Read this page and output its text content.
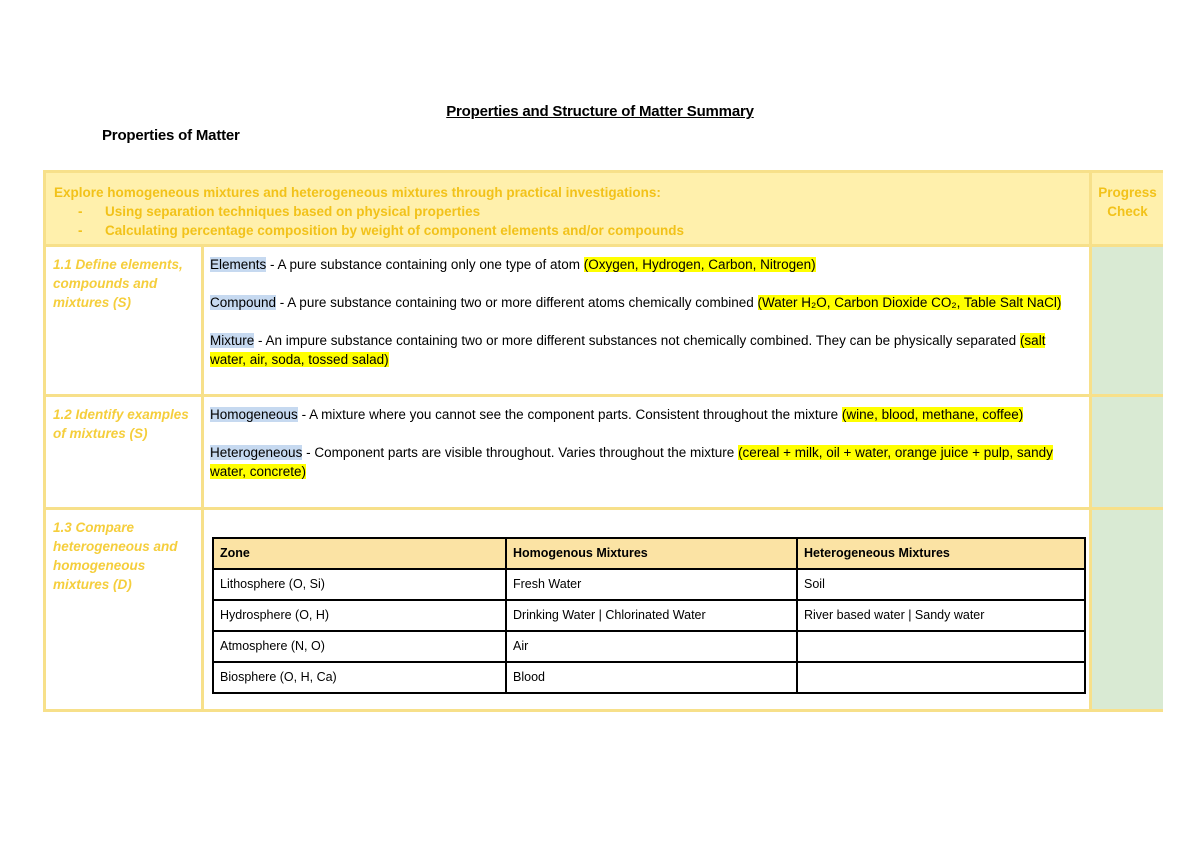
Properties and Structure of Matter Summary
Properties of Matter
Explore homogeneous mixtures and heterogeneous mixtures through practical investigations:
- Using separation techniques based on physical properties
- Calculating percentage composition by weight of component elements and/or compounds
Progress
Check
1.1 Define elements, compounds and mixtures (S)

Elements - A pure substance containing only one type of atom (Oxygen, Hydrogen, Carbon, Nitrogen)

Compound - A pure substance containing two or more different atoms chemically combined (Water H₂O, Carbon Dioxide CO₂, Table Salt NaCl)

Mixture - An impure substance containing two or more different substances not chemically combined. They can be physically separated (salt water, air, soda, tossed salad)

1.2 Identify examples of mixtures (S)

Homogeneous - A mixture where you cannot see the component parts. Consistent throughout the mixture (wine, blood, methane, coffee)

Heterogeneous - Component parts are visible throughout. Varies throughout the mixture (cereal + milk, oil + water, orange juice + pulp, sandy water, concrete)

1.3 Compare heterogeneous and homogeneous mixtures (D)
Zone	Homogenous Mixtures	Heterogeneous Mixtures
Lithosphere (O, Si)	Fresh Water	Soil
Hydrosphere (O, H)	Drinking Water | Chlorinated Water	River based water | Sandy water
Atmosphere (N, O)	Air	
Biosphere (O, H, Ca)	Blood	
